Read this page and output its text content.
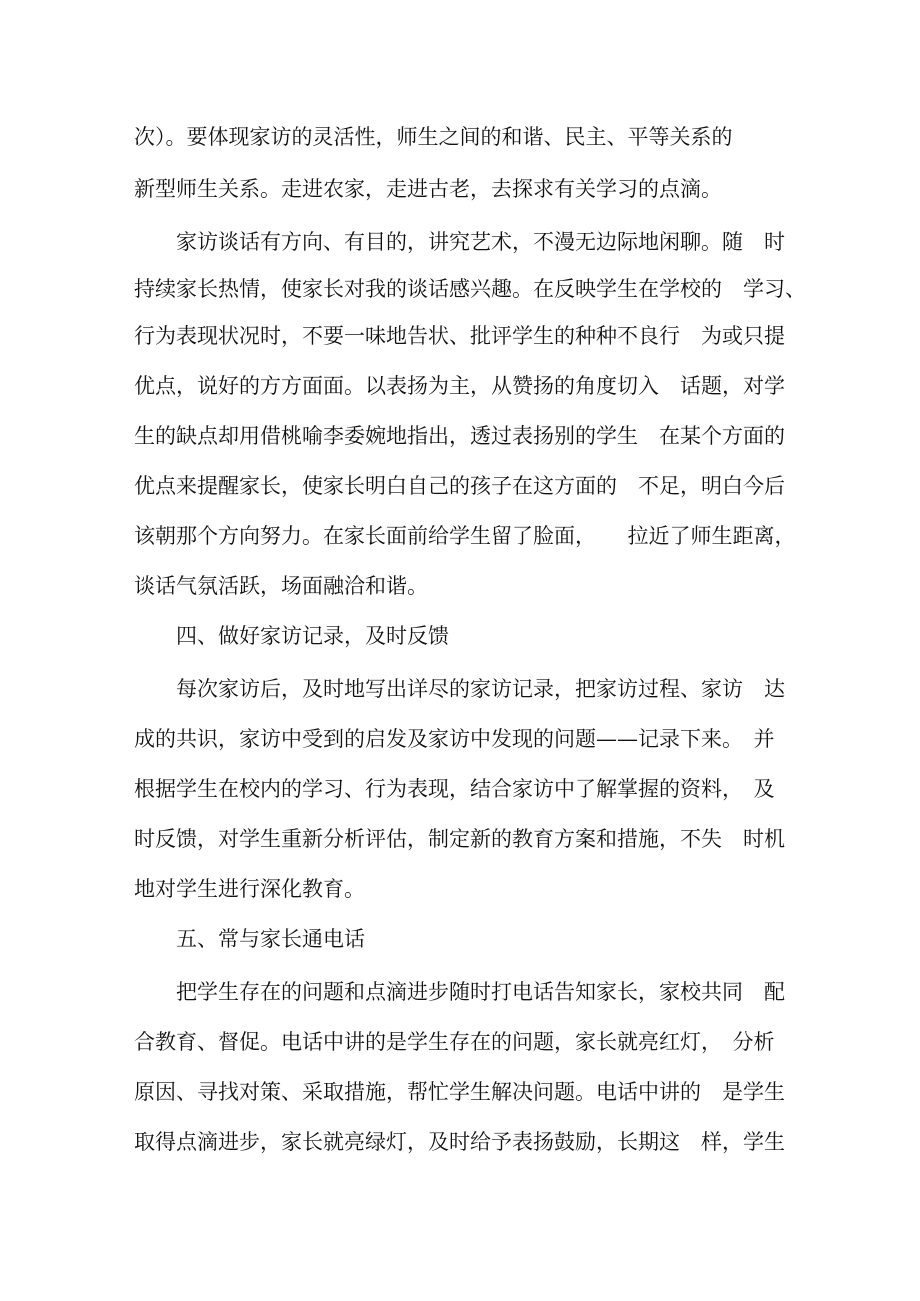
次）。要体现家访的灵活性，师生之间的和谐、民主、平等关系的
新型师生关系。走进农家，走进古老，去探求有关学习的点滴。
　　家访谈话有方向、有目的，讲究艺术，不漫无边际地闲聊。随　时
持续家长热情，使家长对我的谈话感兴趣。在反映学生在学校的　学习、
行为表现状况时，不要一味地告状、批评学生的种种不良行　为或只提
优点，说好的方方面面。以表扬为主，从赞扬的角度切入　话题，对学
生的缺点却用借桃喻李委婉地指出，透过表扬别的学生　在某个方面的
优点来提醒家长，使家长明白自己的孩子在这方面的　不足，明白今后
该朝那个方向努力。在家长面前给学生留了脸面，　　拉近了师生距离，
谈话气氛活跃，场面融洽和谐。
　　四、做好家访记录，及时反馈
　　每次家访后，及时地写出详尽的家访记录，把家访过程、家访　达
成的共识，家访中受到的启发及家访中发现的问题——记录下来。　并
根据学生在校内的学习、行为表现，结合家访中了解掌握的资料，　及
时反馈，对学生重新分析评估，制定新的教育方案和措施，不失　时机
地对学生进行深化教育。
　　五、常与家长通电话
　　把学生存在的问题和点滴进步随时打电话告知家长，家校共同　配
合教育、督促。电话中讲的是学生存在的问题，家长就亮红灯，　分析
原因、寻找对策、采取措施，帮忙学生解决问题。电话中讲的　是学生
取得点滴进步，家长就亮绿灯，及时给予表扬鼓励，长期这　样，学生
